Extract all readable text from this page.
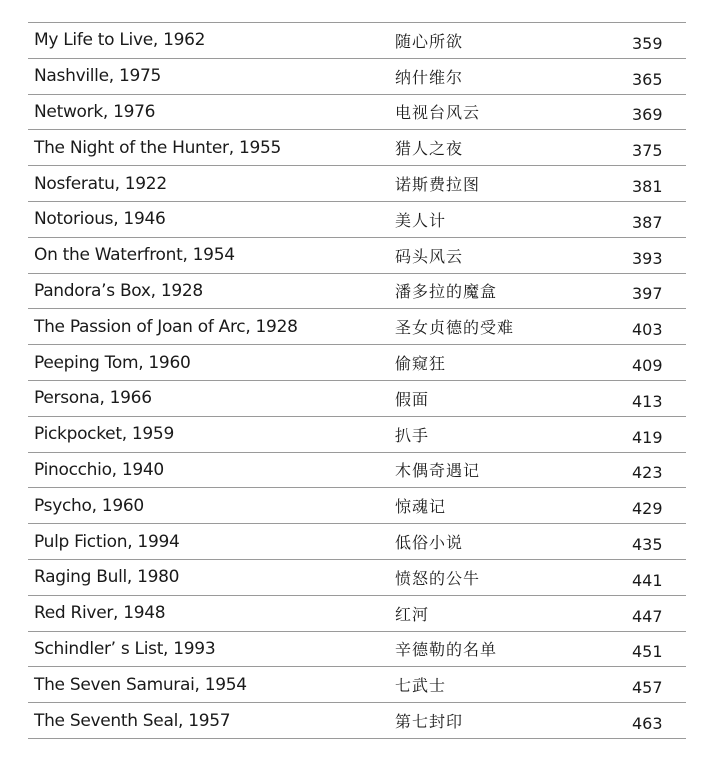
My Life to Live, 1962	随心所欲	359
Nashville, 1975	纳什维尔	365
Network, 1976	电视台风云	369
The Night of the Hunter, 1955	猎人之夜	375
Nosferatu, 1922	诺斯费拉图	381
Notorious, 1946	美人计	387
On the Waterfront, 1954	码头风云	393
Pandora’s Box, 1928	潘多拉的魔盒	397
The Passion of Joan of Arc, 1928	圣女贞德的受难	403
Peeping Tom, 1960	偷窥狂	409
Persona, 1966	假面	413
Pickpocket, 1959	扒手	419
Pinocchio, 1940	木偶奇遇记	423
Psycho, 1960	惊魂记	429
Pulp Fiction, 1994	低俗小说	435
Raging Bull, 1980	愤怒的公牛	441
Red River, 1948	红河	447
Schindler’ s List, 1993	辛德勒的名单	451
The Seven Samurai, 1954	七武士	457
The Seventh Seal, 1957	第七封印	463
